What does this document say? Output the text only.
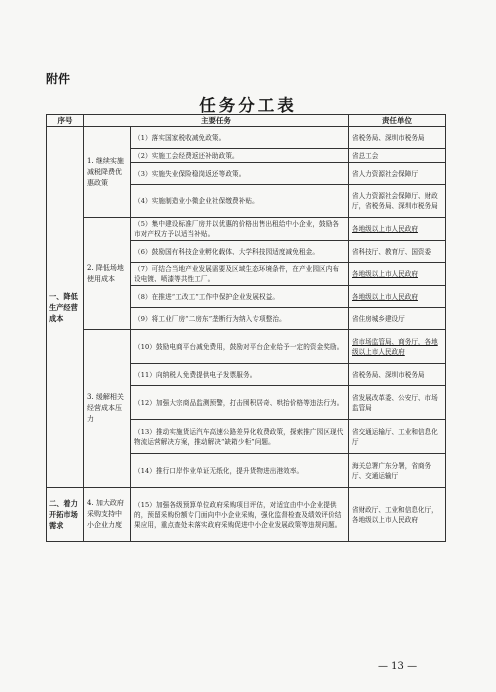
附件
任务分工表
序号	主要任务		责任单位
一、降低生产经营成本	1. 继续实施减税降费优惠政策	（1）落实国家税收减免政策。	省税务局、深圳市税务局
		（2）实施工会经费返还补助政策。	省总工会
		（3）实施失业保险稳岗返还等政策。	省人力资源社会保障厅
		（4）实施制造业小微企业社保缴费补贴。	省人力资源社会保障厅、财政厅，省税务局、深圳市税务局
	2. 降低场地使用成本	（5）集中建设标准厂房并以优惠的价格出售出租给中小企业，鼓励各市对产权方予以适当补贴。	各地级以上市人民政府
		（6）鼓励国有科技企业孵化载体、大学科技园适度减免租金。	省科技厅、教育厅、国资委
		（7）可结合当地产业发展需要及区域生态环境条件，在产业园区内布设电镀、喷漆等共性工厂。	各地级以上市人民政府
		（8）在推进“工改工”工作中保护企业发展权益。	各地级以上市人民政府
		（9）将工业厂房“二房东”垄断行为纳入专项整治。	省住房城乡建设厅
	3. 缓解相关经营成本压力	（10）鼓励电商平台减免费用，鼓励对平台企业给予一定的资金奖励。	省市场监管局、商务厅，各地级以上市人民政府
		（11）向纳税人免费提供电子发票服务。	省税务局、深圳市税务局
		（12）加强大宗商品监测预警，打击囤积居奇、哄抬价格等违法行为。	省发展改革委、公安厅、市场监管局
		（13）推动实施货运汽车高速公路差异化收费政策，探索推广园区现代物流运营解决方案，推动解决“缺箱少柜”问题。	省交通运输厅、工业和信息化厅
		（14）推行口岸作业单证无纸化，提升货物进出港效率。	海关总署广东分署，省商务厅、交通运输厅
二、着力开拓市场需求	4. 加大政府采购支持中小企业力度	（15）加强各级预算单位政府采购项目评估，对适宜由中小企业提供的，预留采购份额专门面向中小企业采购，强化监督检查及绩效评价结果应用，重点查处未落实政府采购促进中小企业发展政策等违规问题。	省财政厅、工业和信息化厅，各地级以上市人民政府
— 13 —
